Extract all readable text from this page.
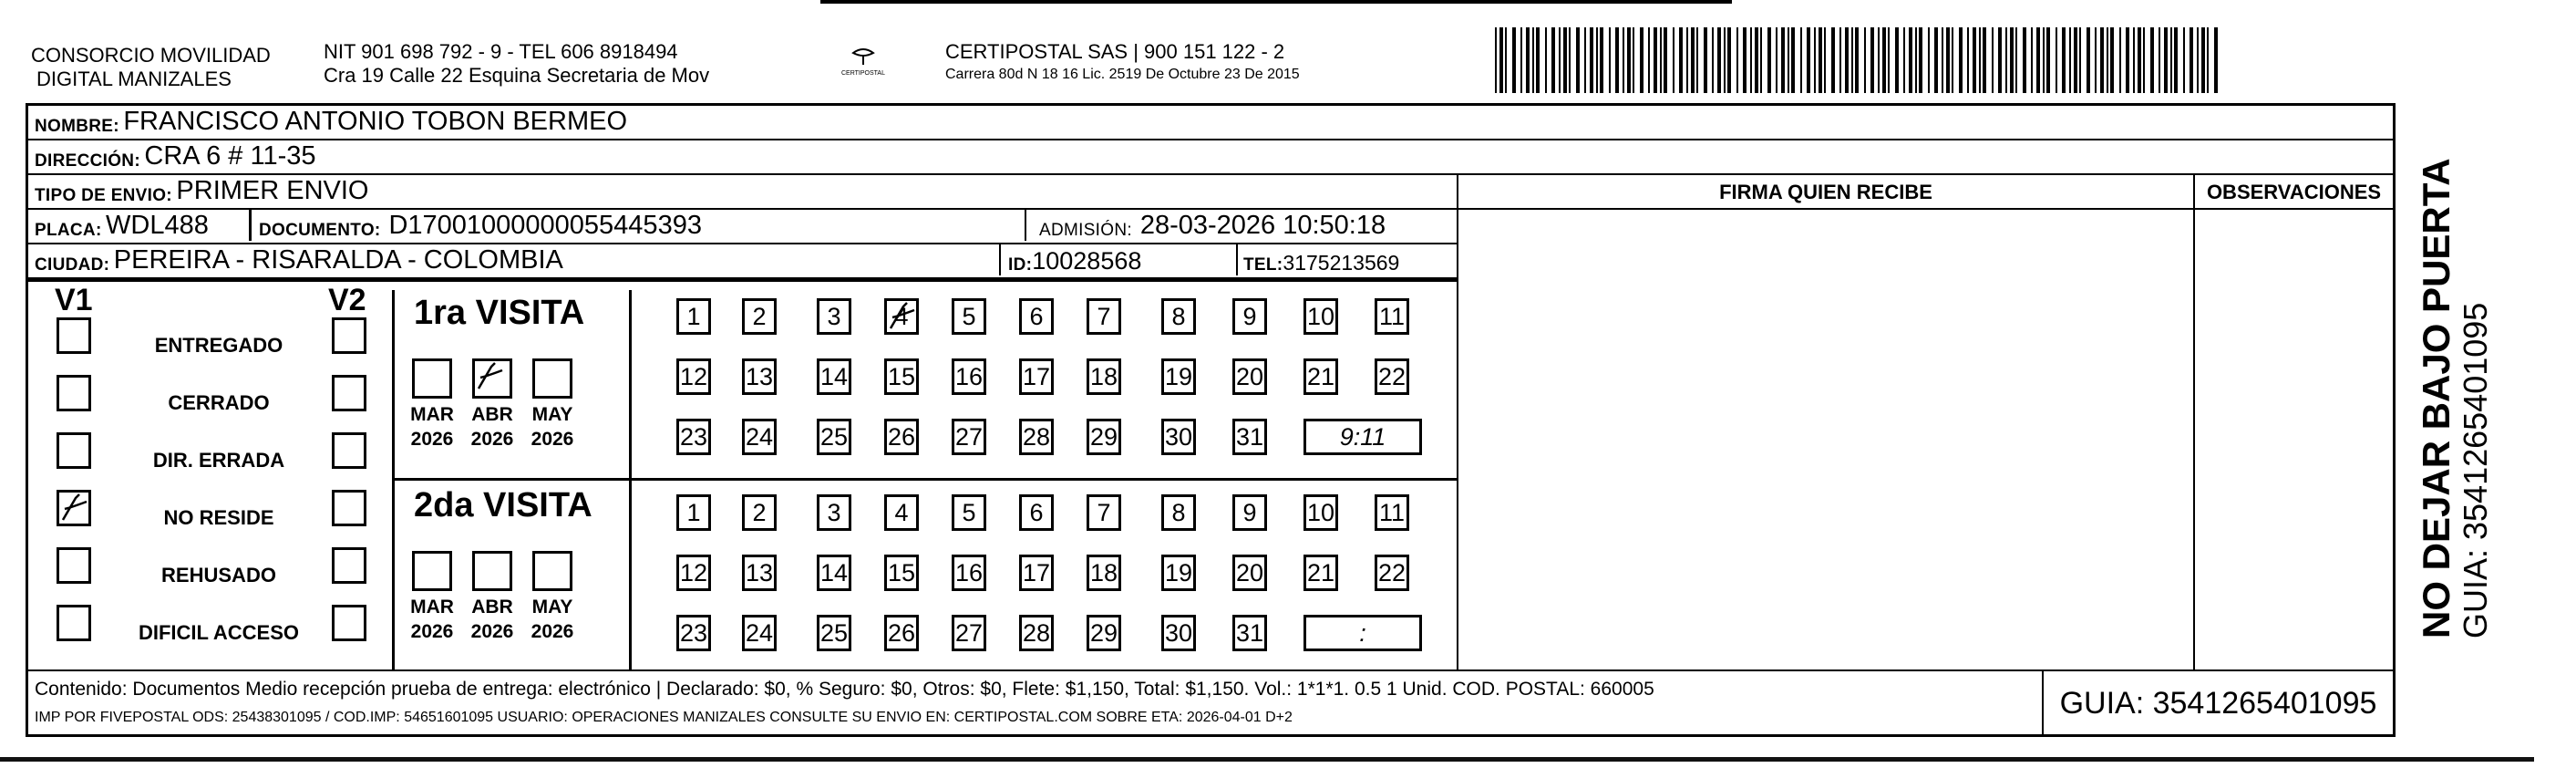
CONSORCIO MOVILIDAD
DIGITAL MANIZALES
NIT 901 698 792 - 9 - TEL 606 8918494
Cra 19 Calle 22 Esquina Secretaria de Mov	CERTIPOSTAL
CERTIPOSTAL SAS | 900 151 122 - 2
Carrera 80d N 18 16 Lic. 2519 De Octubre 23 De 2015
NOMBRE:
FRANCISCO ANTONIO TOBON BERMEO
DIRECCIÓN:
CRA 6 # 11-35
TIPO DE ENVIO:
PRIMER ENVIO
PLACA:
WDL488	DOCUMENTO:
D17001000000055445393	ADMISIÓN:
28-03-2026 10:50:18
CIUDAD:
PEREIRA - RISARALDA - COLOMBIA	ID: 10028568	TEL: 3175213569
FIRMA QUIEN RECIBE	OBSERVACIONES
V1	V2 1ra VISITA
2da VISITA
Contenido: Documentos Medio recepción prueba de entrega: electrónico | Declarado: $0, % Seguro: $0, Otros: $0, Flete: $1,150, Total: $1,150. Vol.: 1*1*1. 0.5 1 Unid. COD. POSTAL: 660005
IMP POR FIVEPOSTAL ODS: 25438301095 / COD.IMP: 54651601095 USUARIO: OPERACIONES MANIZALES CONSULTE SU ENVIO EN: CERTIPOSTAL.COM SOBRE ETA: 2026-04-01 D+2	GUIA: 3541265401095
NO DEJAR BAJO PUERTA GUIA: 3541265401095
ENTREGADO
CERRADO
DIR. ERRADA
NO RESIDE
REHUSADO
DIFICIL ACCESO
MAR
2026
ABR
2026
MAY
2026
MAR
2026
ABR
2026
MAY
2026
1	2	3	4	5	6	7	8	9	10 11
12 13 14 15 16 17 18 19 20 21 22
23 24 25 26 27 28 29 30 31	9:11
1	2	3	4	5	6	7	8	9	10 11
12 13 14 15 16 17 18 19 20 21 22
23 24 25 26 27 28 29 30 31	:
